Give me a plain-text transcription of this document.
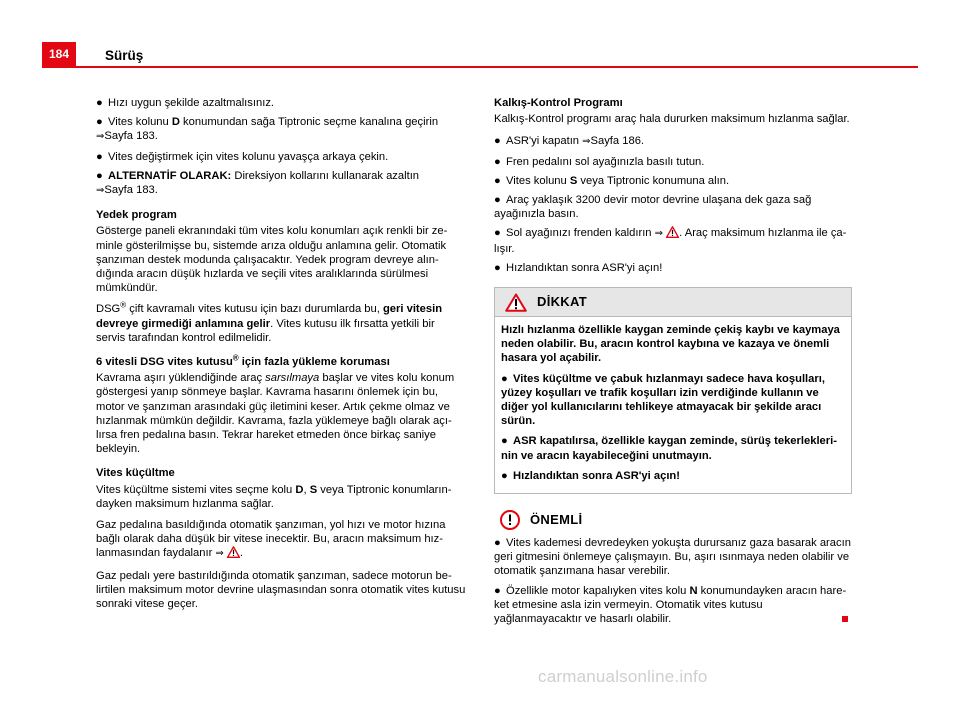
184	Sürüş

● Hızı uygun şekilde azaltmalısınız.

● Vites kolunu D konumundan sağa Tiptronic seçme kanalına geçirin
⇒Sayfa 183.

● Vites değiştirmek için vites kolunu yavaşça arkaya çekin.

● ALTERNATİF OLARAK: Direksiyon kollarını kullanarak azaltın
⇒Sayfa 183.

Yedek program

Gösterge paneli ekranındaki tüm vites kolu konumları açık renkli bir zeminle gösterilmişse bu, sistemde arıza olduğu anlamına gelir. Otomatik şanzıman destek modunda çalışacaktır. Yedek program devreye alındığında aracın düşük hızlarda ve seçili vites aralıklarında sürülmesi mümkündür.

DSG® çift kavramalı vites kutusu için bazı durumlarda bu, geri vitesin devreye girmediği anlamına gelir. Vites kutusu ilk fırsatta yetkili bir servis tarafından kontrol edilmelidir.

6 vitesli DSG vites kutusu® için fazla yükleme koruması

Kavrama aşırı yüklendiğinde araç sarsılmaya başlar ve vites kolu konum göstergesi yanıp sönmeye başlar. Kavrama hasarını önlemek için bu, motor ve şanzıman arasındaki güç iletimini keser. Artık çekme olmaz ve hızlanmak mümkün değildir. Kavrama, fazla yüklemeye bağlı olarak açılırsa fren pedalına basın. Tekrar hareket etmeden önce birkaç saniye bekleyin.

Vites küçültme

Vites küçültme sistemi vites seçme kolu D, S veya Tiptronic konumlarındayken maksimum hızlanma sağlar.

Gaz pedalına basıldığında otomatik şanzıman, yol hızı ve motor hızına bağlı olarak daha düşük bir vitese inecektir. Bu, aracın maksimum hızlanmasından faydalanır ⇒ .

Gaz pedalı yere bastırıldığında otomatik şanzıman, sadece motorun belirtilen maksimum motor devrine ulaşmasından sonra otomatik vites kutusu sonraki vitese geçer.

Kalkış-Kontrol Programı

Kalkış-Kontrol programı araç hala dururken maksimum hızlanma sağlar.

● ASR'yi kapatın ⇒Sayfa 186.

● Fren pedalını sol ayağınızla basılı tutun.

● Vites kolunu S veya Tiptronic konumuna alın.

● Araç yaklaşık 3200 devir motor devrine ulaşana dek gaza sağ ayağınızla basın.

● Sol ayağınızı frenden kaldırın ⇒ . Araç maksimum hızlanma ile çalışır.

● Hızlandıktan sonra ASR'yi açın!

DİKKAT

Hızlı hızlanma özellikle kaygan zeminde çekiş kaybı ve kaymaya neden olabilir. Bu, aracın kontrol kaybına ve kazaya ve önemli hasara yol açabilir.

● Vites küçültme ve çabuk hızlanmayı sadece hava koşulları, yüzey koşulları ve trafik koşulları izin verdiğinde kullanın ve diğer yol kullanıcılarını tehlikeye atmayacak bir şekilde aracı sürün.

● ASR kapatılırsa, özellikle kaygan zeminde, sürüş tekerleklerinin ve aracın kayabileceğini unutmayın.

● Hızlandıktan sonra ASR'yi açın!

ÖNEMLİ

● Vites kademesi devredeyken yokuşta durursanız gaza basarak aracın geri gitmesini önlemeye çalışmayın. Bu, aşırı ısınmaya neden olabilir ve otomatik şanzımana hasar verebilir.

● Özellikle motor kapalıyken vites kolu N konumundayken aracın hareket etmesine asla izin vermeyin. Otomatik vites kutusu yağlanmayacaktır ve hasarlı olabilir.

carmanualsonline.info
